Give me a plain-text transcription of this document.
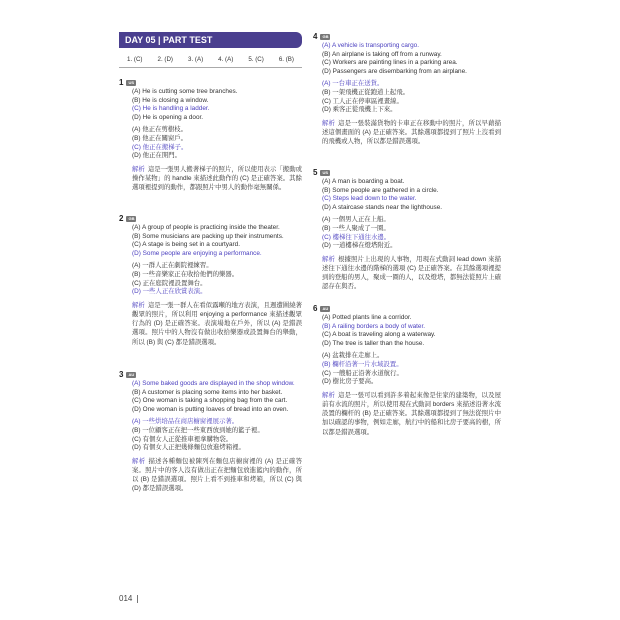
DAY 05 | PART TEST
1. (C) 2. (D) 3. (A) 4. (A) 5. (C) 6. (B)
1	US
(A) He is cutting some tree branches.
(B) He is closing a window.
(C) He is handling a ladder.
(D) He is opening a door.
(A) 他正在剪樹枝。
(B) 他正在關窗戶。
(C) 他正在搬梯子。
(D) 他正在開門。
解析 這是一張男人搬著梯子的照片，所以使用表示「搬動或操作某物」的 handle 來描述此動作的 (C) 是正確答案。其餘選項裡提到的動作，都跟照片中男人的動作毫無關係。
2	GB
(A) A group of people is practicing inside the theater.
(B) Some musicians are packing up their instruments.
(C) A stage is being set in a courtyard.
(D) Some people are enjoying a performance.
(A) 一群人正在劇院裡練習。
(B) 一些音樂家正在收拾他們的樂器。
(C) 正在庭院裡設置舞台。
(D) 一些人正在欣賞表演。
解析 這是一張一群人在看似露噸的地方表演，且週遭圍繞著觀眾的照片，所以利用 enjoying a performance 來描述觀眾行為的 (D) 是正確答案。表演場地在戶外，所以 (A) 是錯誤選項。照片中的人物沒有做出收拾樂器或設置舞台的舉動，所以 (B) 與 (C) 都是錯誤選項。
3	AU
(A) Some baked goods are displayed in the shop window.
(B) A customer is placing some items into her basket.
(C) One woman is taking a shopping bag from the cart.
(D) One woman is putting loaves of bread into an oven.
(A) 一些烘培品在商店櫥窗裡展示著。
(B) 一位顧客正在把一些東西放到她的籃子裡。
(C) 有個女人正從推車裡拿購物袋。
(D) 有個女人正把幾條麵包放進烤箱裡。
解析 描述各種麵包被陳列在麵包店櫥窗裡的 (A) 是正確答案。照片中的客人沒有做出正在把麵包放進籃內的動作，所以 (B) 是錯誤選項。照片上看不到推車和烤箱，所以 (C) 與 (D) 都是錯誤選項。
4	GB
(A) A vehicle is transporting cargo.
(B) An airplane is taking off from a runway.
(C) Workers are painting lines in a parking area.
(D) Passengers are disembarking from an airplane.
(A) 一台車正在送貨。
(B) 一架飛機正從跑道上起飛。
(C) 工人正在停車區裡畫線。
(D) 乘客正從飛機上下來。
解析 這是一張裝滿貨物的卡車正在移動中的照片，所以早藉描述這個畫面的 (A) 是正確答案。其餘選項都提到了照片上沒看到的飛機或人物，所以都是錯誤選項。
5	US
(A) A man is boarding a boat.
(B) Some people are gathered in a circle.
(C) Steps lead down to the water.
(D) A staircase stands near the lighthouse.
(A) 一個男人正在上船。
(B) 一些人聚成了一圈。
(C) 樓梯往下通往水邊。
(D) 一道樓梯在燈塔附近。
解析 根據照片上出現的人事物，用現在式動詞 lead down 來描述往下通往水邊的階梯的選項 (C) 是正確答案。在其餘選項裡提到的登船的男人，聚成一圈的人，以及燈塔，都無法從照片上確認存在與否。
6	AU
(A) Potted plants line a corridor.
(B) A railing borders a body of water.
(C) A boat is traveling along a waterway.
(D) The tree is taller than the house.
(A) 盆栽排在走廊上。
(B) 欄杆沿著一片水域設置。
(C) 一艘船正沿著水道航行。
(D) 樹比房子要高。
解析 這是一張可以看到許多着起來像是住家的建築物，以及屋前有水流的照片，所以使用現在式動詞 borders 來描述沿著水流設置的欄杆的 (B) 是正確答案。其餘選項都提到了無法從照片中加以確認的事物，例如走廊，航行中的船和比房子要高的樹，所以都是錯誤選項。
014
